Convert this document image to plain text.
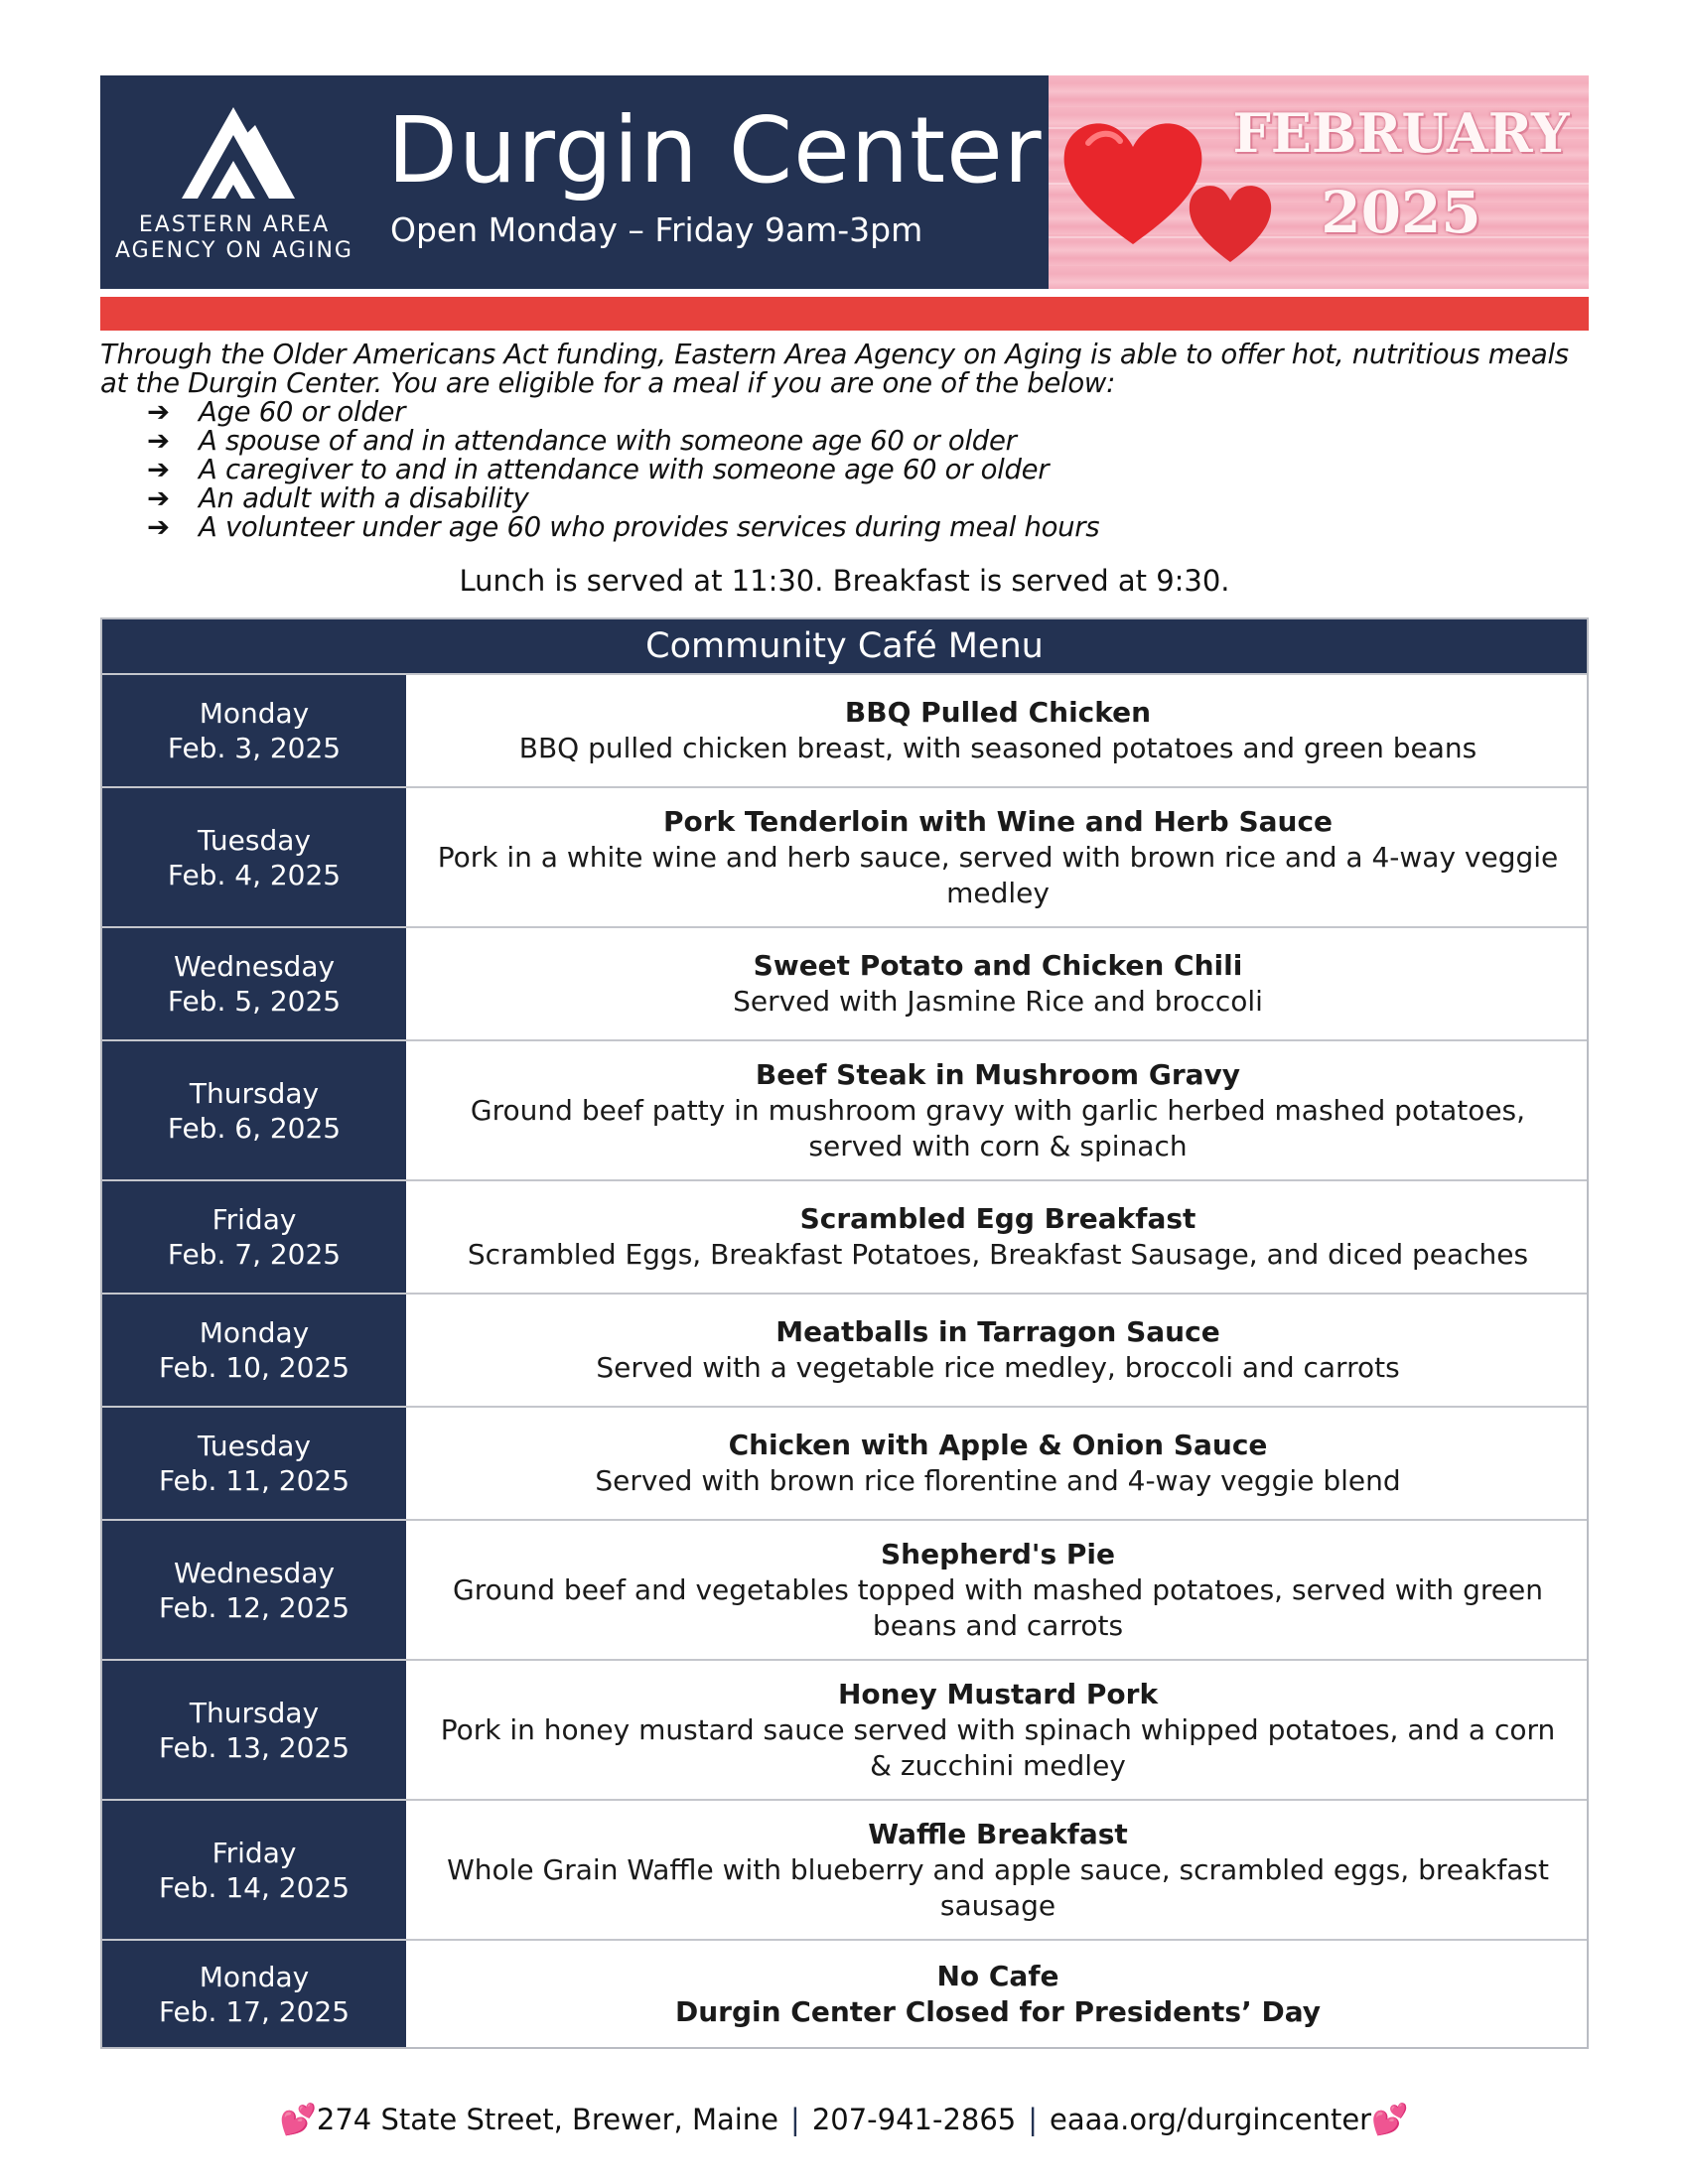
EASTERN AREA
AGENCY ON AGING
Durgin Center
Open Monday – Friday 9am-3pm
FEBRUARY
2025
Through the Older Americans Act funding, Eastern Area Agency on Aging is able to offer hot, nutritious meals at the Durgin Center. You are eligible for a meal if you are one of the below:
➔ Age 60 or older
➔ A spouse of and in attendance with someone age 60 or older
➔ A caregiver to and in attendance with someone age 60 or older
➔ An adult with a disability
➔ A volunteer under age 60 who provides services during meal hours
Lunch is served at 11:30. Breakfast is served at 9:30.
Community Café Menu
Monday
Feb. 3, 2025
BBQ Pulled Chicken
BBQ pulled chicken breast, with seasoned potatoes and green beans
Tuesday
Feb. 4, 2025
Pork Tenderloin with Wine and Herb Sauce
Pork in a white wine and herb sauce, served with brown rice and a 4-way veggie medley
Wednesday
Feb. 5, 2025
Sweet Potato and Chicken Chili
Served with Jasmine Rice and broccoli
Thursday
Feb. 6, 2025
Beef Steak in Mushroom Gravy
Ground beef patty in mushroom gravy with garlic herbed mashed potatoes, served with corn & spinach
Friday
Feb. 7, 2025
Scrambled Egg Breakfast
Scrambled Eggs, Breakfast Potatoes, Breakfast Sausage, and diced peaches
Monday
Feb. 10, 2025
Meatballs in Tarragon Sauce
Served with a vegetable rice medley, broccoli and carrots
Tuesday
Feb. 11, 2025
Chicken with Apple & Onion Sauce
Served with brown rice florentine and 4-way veggie blend
Wednesday
Feb. 12, 2025
Shepherd's Pie
Ground beef and vegetables topped with mashed potatoes, served with green beans and carrots
Thursday
Feb. 13, 2025
Honey Mustard Pork
Pork in honey mustard sauce served with spinach whipped potatoes, and a corn & zucchini medley
Friday
Feb. 14, 2025
Waffle Breakfast
Whole Grain Waffle with blueberry and apple sauce, scrambled eggs, breakfast sausage
Monday
Feb. 17, 2025
No Cafe
Durgin Center Closed for Presidents’ Day
💕274 State Street, Brewer, Maine | 207-941-2865 | eaaa.org/durgincenter💕
